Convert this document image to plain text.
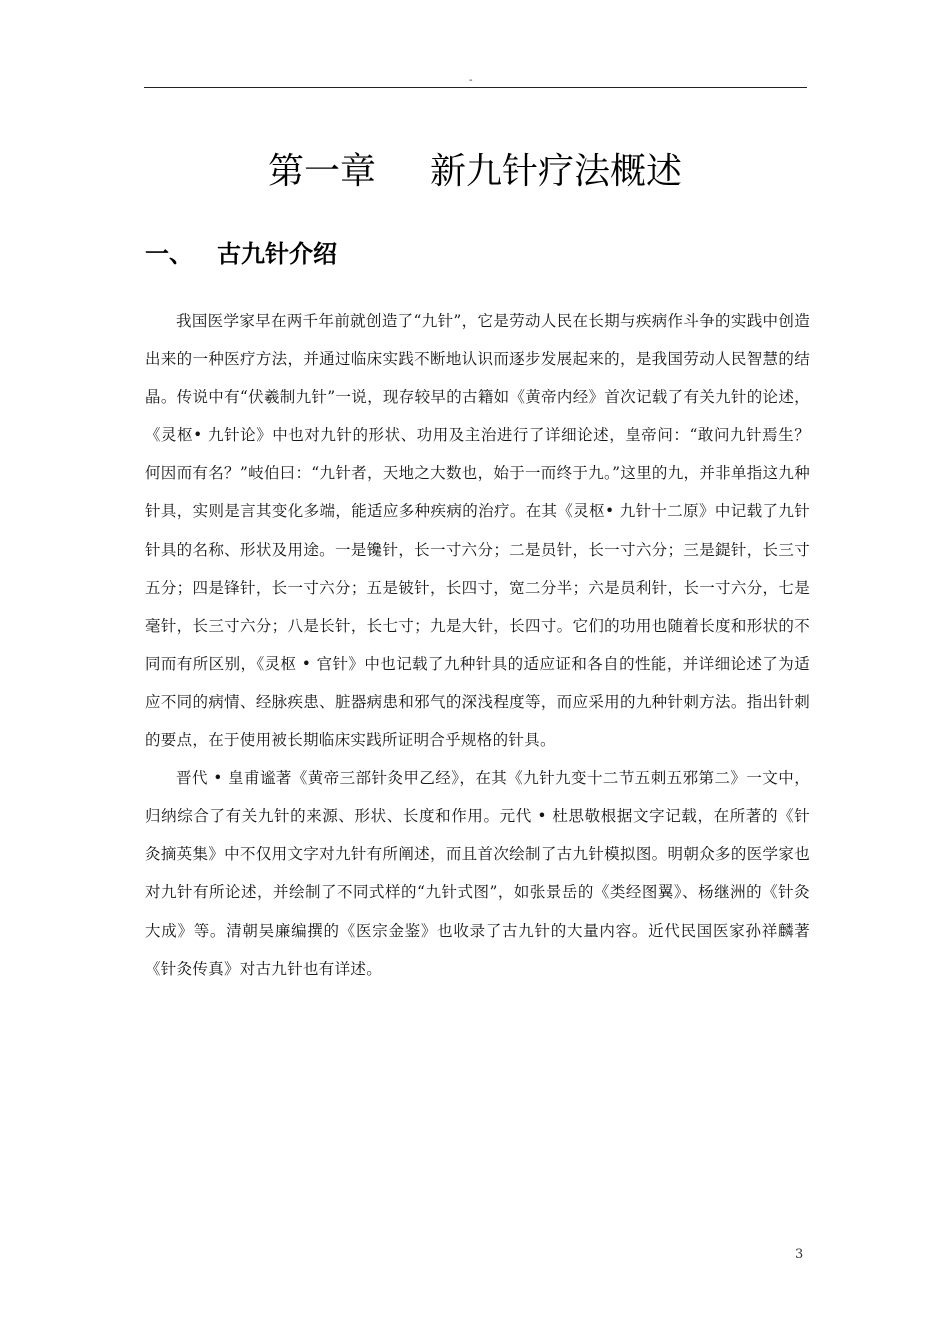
-
第一章 新九针疗法概述
一、 古九针介绍

我国医学家早在两千年前就创造了“九针”，它是劳动人民在长期与疾病作斗争的实践中创造出来的一种医疗方法，并通过临床实践不断地认识而逐步发展起来的，是我国劳动人民智慧的结晶。传说中有“伏羲制九针”一说，现存较早的古籍如《黄帝内经》首次记载了有关九针的论述，《灵枢• 九针论》中也对九针的形状、功用及主治进行了详细论述，皇帝问：“敢问九针焉生？何因而有名？”岐伯曰：“九针者，天地之大数也，始于一而终于九。”这里的九，并非单指这九种针具，实则是言其变化多端，能适应多种疾病的治疗。在其《灵枢• 九针十二原》中记载了九针针具的名称、形状及用途。一是镵针，长一寸六分；二是员针，长一寸六分；三是鍉针，长三寸五分；四是锋针，长一寸六分；五是铍针，长四寸，宽二分半；六是员利针，长一寸六分，七是毫针，长三寸六分；八是长针，长七寸；九是大针，长四寸。它们的功用也随着长度和形状的不同而有所区别，《灵枢 • 官针》中也记载了九种针具的适应证和各自的性能，并详细论述了为适应不同的病情、经脉疾患、脏器病患和邪气的深浅程度等，而应采用的九种针刺方法。指出针刺的要点，在于使用被长期临床实践所证明合乎规格的针具。

晋代 • 皇甫谧著《黄帝三部针灸甲乙经》，在其《九针九变十二节五刺五邪第二》一文中，归纳综合了有关九针的来源、形状、长度和作用。元代 • 杜思敬根据文字记载，在所著的《针灸摘英集》中不仅用文字对九针有所阐述，而且首次绘制了古九针模拟图。明朝众多的医学家也对九针有所论述，并绘制了不同式样的“九针式图”，如张景岳的《类经图翼》、杨继洲的《针灸大成》等。清朝吴廉编撰的《医宗金鉴》也收录了古九针的大量内容。近代民国医家孙祥麟著《针灸传真》对古九针也有详述。

3
